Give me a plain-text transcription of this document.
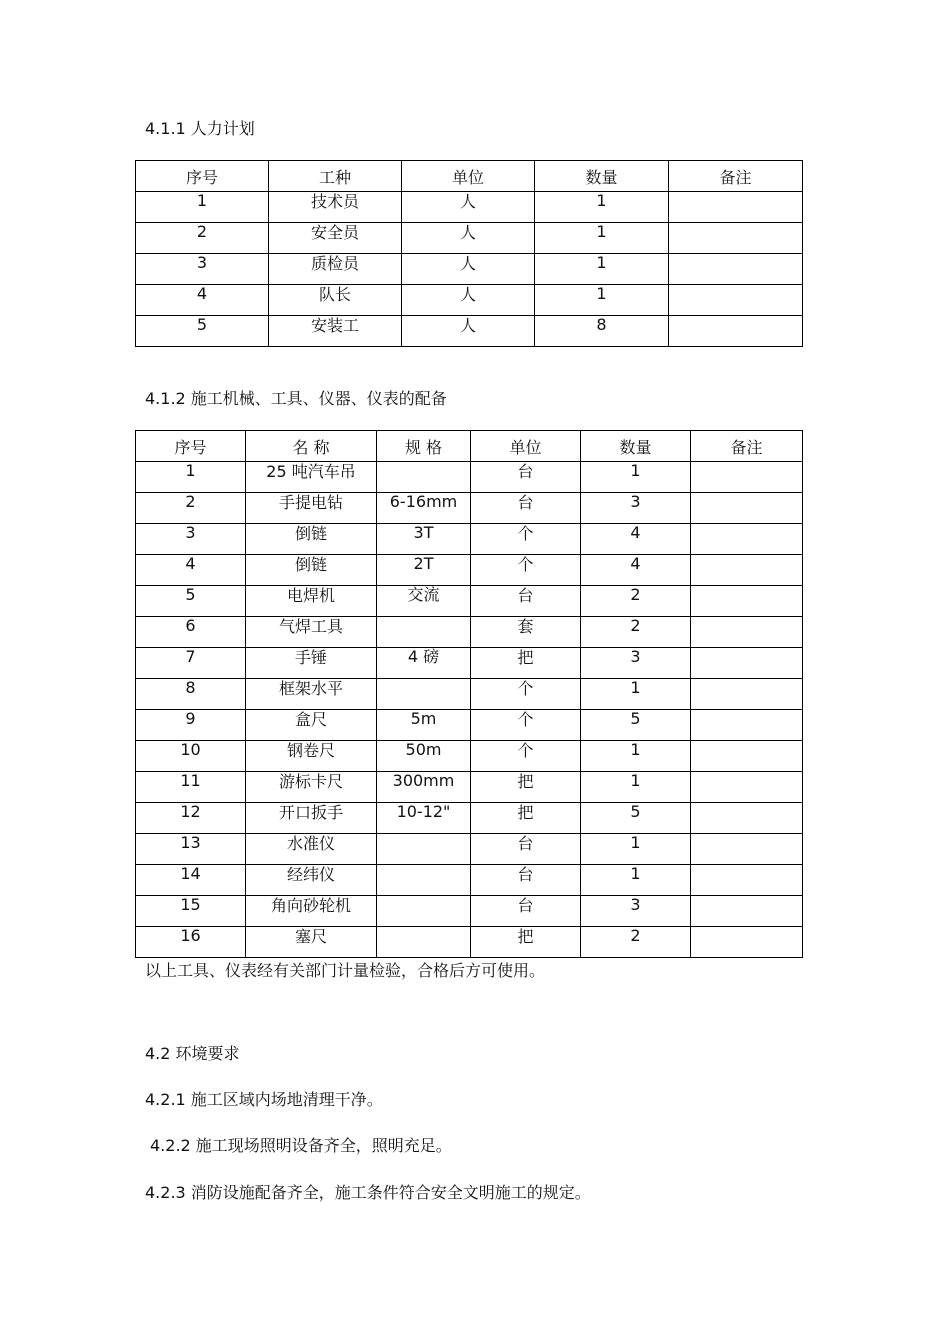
4.1.1 人力计划
序号	工种	单位	数量	备注
1	技术员	人	1	
2	安全员	人	1	
3	质检员	人	1	
4	队长	人	1	
5	安装工	人	8	
4.1.2 施工机械、工具、仪器、仪表的配备
序号	名 称	规 格	单位	数量	备注
1	25 吨汽车吊		台	1	
2	手提电钻	6-16mm	台	3	
3	倒链	3T	个	4	
4	倒链	2T	个	4	
5	电焊机	交流	台	2	
6	气焊工具		套	2	
7	手锤	4 磅	把	3	
8	框架水平		个	1	
9	盒尺	5m	个	5	
10	钢卷尺	50m	个	1	
11	游标卡尺	300mm	把	1	
12	开口扳手	10-12"	把	5	
13	水准仪		台	1	
14	经纬仪		台	1	
15	角向砂轮机		台	3	
16	塞尺		把	2	
以上工具、仪表经有关部门计量检验，合格后方可使用。
4.2 环境要求
4.2.1 施工区域内场地清理干净。
4.2.2 施工现场照明设备齐全，照明充足。
4.2.3 消防设施配备齐全，施工条件符合安全文明施工的规定。
